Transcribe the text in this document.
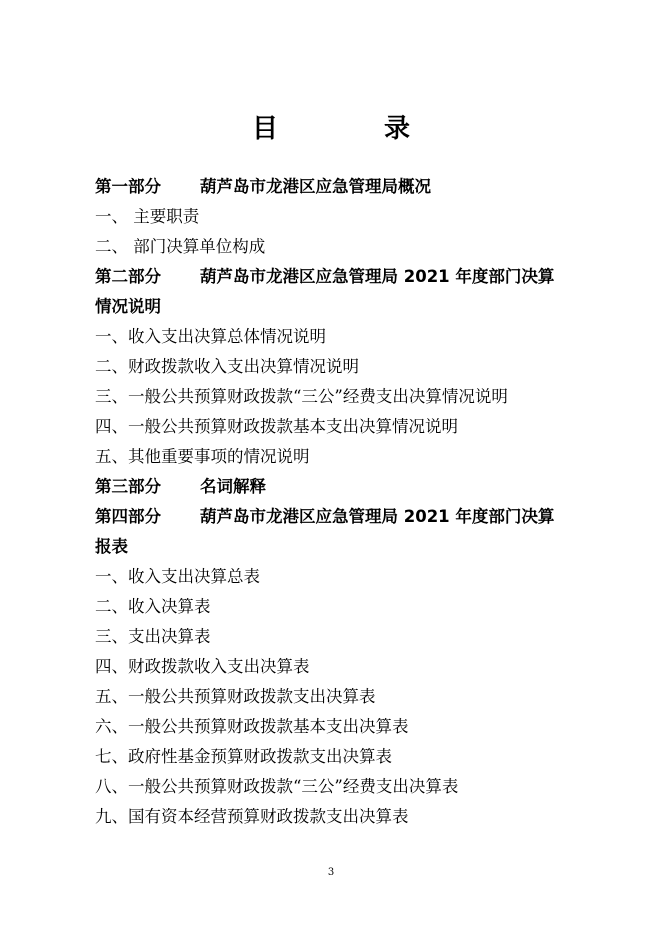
目　录
第一部分 葫芦岛市龙港区应急管理局概况
一、 主要职责
二、 部门决算单位构成
第二部分 葫芦岛市龙港区应急管理局 2021 年度部门决算
情况说明
一、收入支出决算总体情况说明
二、财政拨款收入支出决算情况说明
三、一般公共预算财政拨款“三公”经费支出决算情况说明
四、一般公共预算财政拨款基本支出决算情况说明
五、其他重要事项的情况说明
第三部分 名词解释
第四部分 葫芦岛市龙港区应急管理局 2021 年度部门决算
报表
一、收入支出决算总表
二、收入决算表
三、支出决算表
四、财政拨款收入支出决算表
五、一般公共预算财政拨款支出决算表
六、一般公共预算财政拨款基本支出决算表
七、政府性基金预算财政拨款支出决算表
八、一般公共预算财政拨款“三公”经费支出决算表
九、国有资本经营预算财政拨款支出决算表
3
